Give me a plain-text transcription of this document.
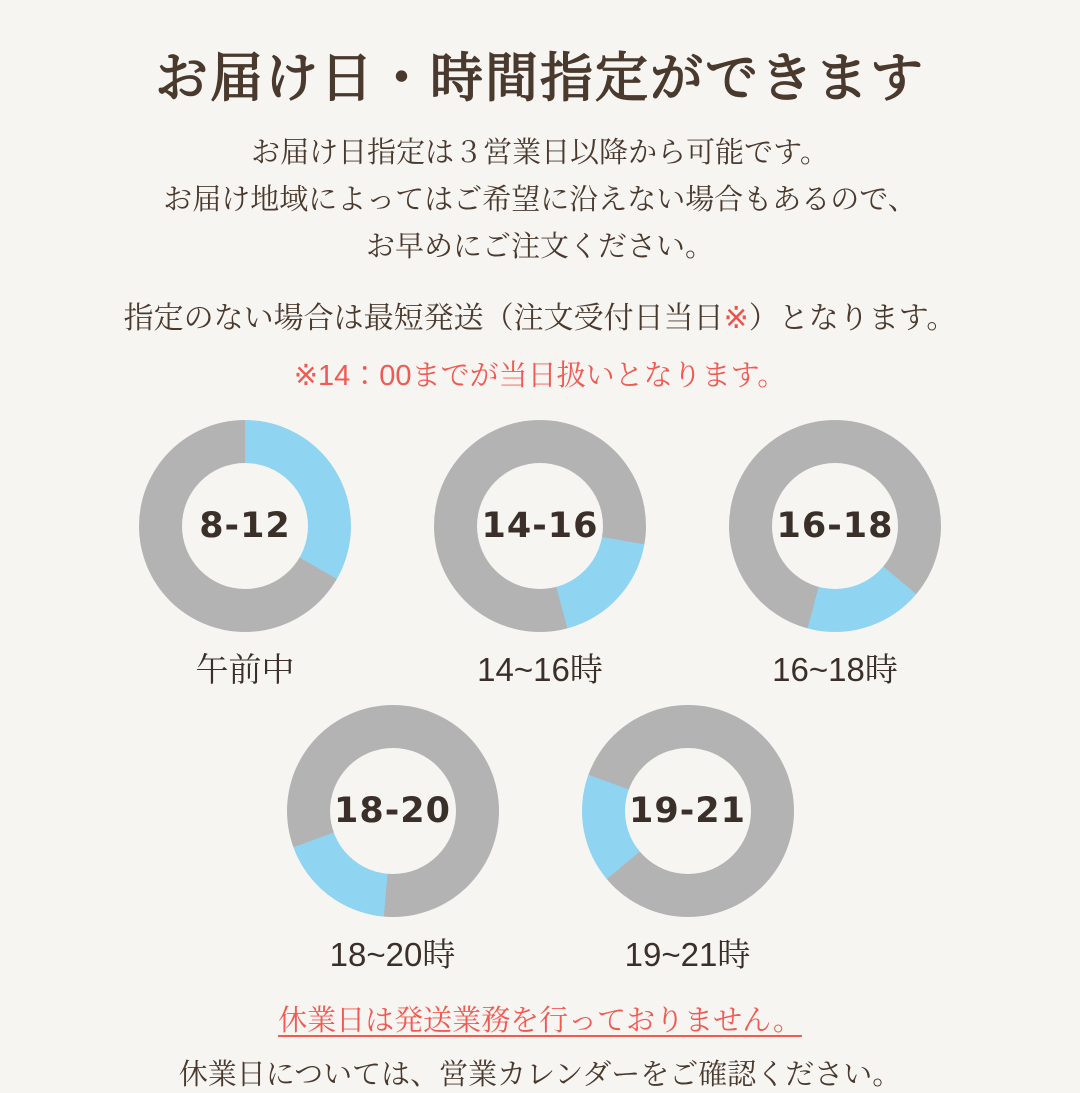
お届け日・時間指定ができます

お届け日指定は３営業日以降から可能です。
お届け地域によってはご希望に沿えない場合もあるので、
お早めにご注文ください。

指定のない場合は最短発送（注文受付日当日※）となります。
※14：00までが当日扱いとなります。
8-12
午前中
14-16
14~16時
16-18
16~18時
18-20
18~20時
19-21
19~21時
休業日は発送業務を行っておりません。
休業日については、営業カレンダーをご確認ください。
